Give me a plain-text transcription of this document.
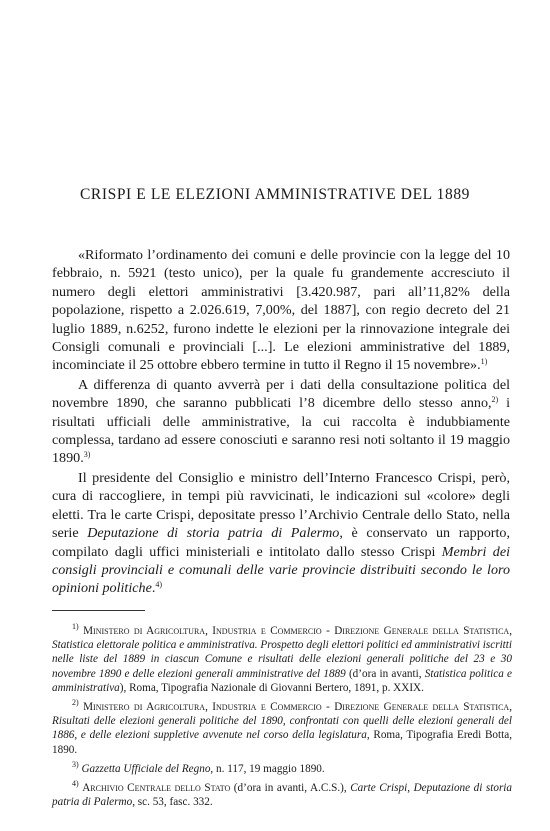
CRISPI E LE ELEZIONI AMMINISTRATIVE DEL 1889

«Riformato l’ordinamento dei comuni e delle provincie con la legge del 10 febbraio, n. 5921 (testo unico), per la quale fu grandemente accresciuto il numero degli elettori amministrativi [3.420.987, pari all’11,82% della popolazione, rispetto a 2.026.619, 7,00%, del 1887], con regio decreto del 21 luglio 1889, n.6252, furono indette le elezioni per la rinnovazione integrale dei Consigli comunali e provinciali [...]. Le elezioni amministrative del 1889, incominciate il 25 ottobre ebbero termine in tutto il Regno il 15 novembre».$^{1)}$

A differenza di quanto avverrà per i dati della consultazione politica del novembre 1890, che saranno pubblicati l’8 dicembre dello stesso anno,$^{2)}$ i risultati ufficiali delle amministrative, la cui raccolta è indubbiamente complessa, tardano ad essere conosciuti e saranno resi noti soltanto il 19 maggio 1890.$^{3)}$

Il presidente del Consiglio e ministro dell’Interno Francesco Crispi, però, cura di raccogliere, in tempi più ravvicinati, le indicazioni sul «colore» degli eletti. Tra le carte Crispi, depositate presso l’Archivio Centrale dello Stato, nella serie Deputazione di storia patria di Palermo, è conservato un rapporto, compilato dagli uffici ministeriali e intitolato dallo stesso Crispi Membri dei consigli provinciali e comunali delle varie provincie distribuiti secondo le loro opinioni politiche.$^{4)}$

$^{1)}$ Ministero di Agricoltura, Industria e Commercio - Direzione Generale della Statistica, Statistica elettorale politica e amministrativa. Prospetto degli elettori politici ed amministrativi iscritti nelle liste del 1889 in ciascun Comune e risultati delle elezioni generali politiche del 23 e 30 novembre 1890 e delle elezioni generali amministrative del 1889 (d’ora in avanti, Statistica politica e amministrativa), Roma, Tipografia Nazionale di Giovanni Bertero, 1891, p. XXIX.

$^{2)}$ Ministero di Agricoltura, Industria e Commercio - Direzione Generale della Statistica, Risultati delle elezioni generali politiche del 1890, confrontati con quelli delle elezioni generali del 1886, e delle elezioni suppletive avvenute nel corso della legislatura, Roma, Tipografia Eredi Botta, 1890.

$^{3)}$ Gazzetta Ufficiale del Regno, n. 117, 19 maggio 1890.

$^{4)}$ Archivio Centrale dello Stato (d’ora in avanti, A.C.S.), Carte Crispi, Deputazione di storia patria di Palermo, sc. 53, fasc. 332.
